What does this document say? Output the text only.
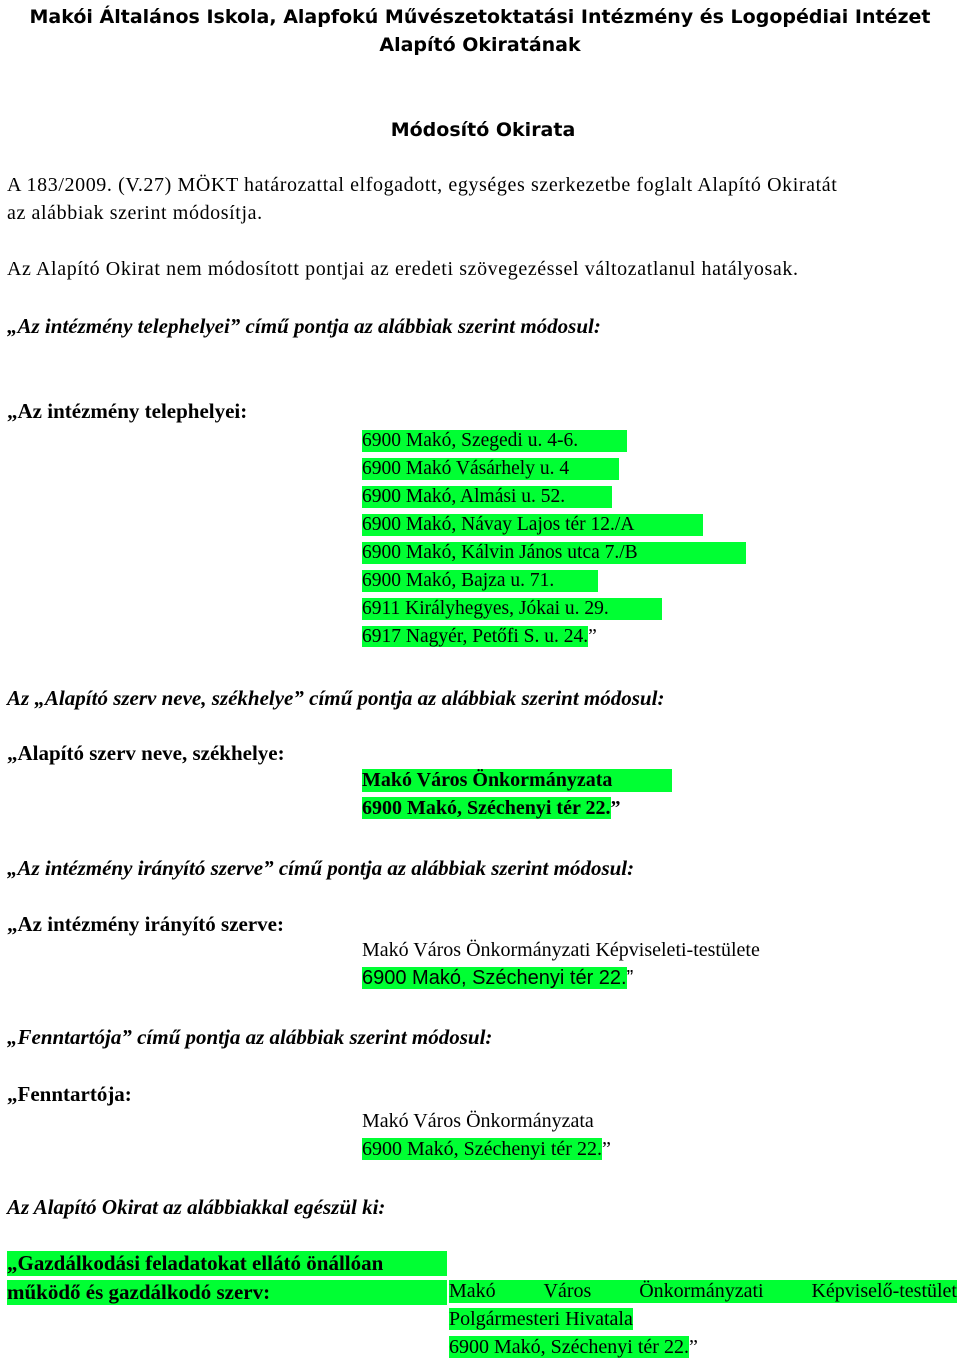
Makói Általános Iskola, Alapfokú Művészetoktatási Intézmény és Logopédiai Intézet
Alapító Okiratának
Módosító Okirata
A 183/2009. (V.27) MÖKT határozattal elfogadott, egységes szerkezetbe foglalt Alapító Okiratát
az alábbiak szerint módosítja.
Az Alapító Okirat nem módosított pontjai az eredeti szövegezéssel változatlanul hatályosak.
„Az intézmény telephelyei” című pontja az alábbiak szerint módosul:
„Az intézmény telephelyei:
6900 Makó, Szegedi u. 4-6.
6900 Makó Vásárhely u. 4
6900 Makó, Almási u. 52.
6900 Makó, Návay Lajos tér 12./A
6900 Makó, Kálvin János utca 7./B
6900 Makó, Bajza u. 71.
6911 Királyhegyes, Jókai u. 29.
6917 Nagyér, Petőfi S. u. 24.”
Az „Alapító szerv neve, székhelye” című pontja az alábbiak szerint módosul:
„Alapító szerv neve, székhelye:
Makó Város Önkormányzata
6900 Makó, Széchenyi tér 22.”
„Az intézmény irányító szerve” című pontja az alábbiak szerint módosul:
„Az intézmény irányító szerve:
Makó Város Önkormányzati Képviseleti-testülete
6900 Makó, Széchenyi tér 22.”
„Fenntartója” című pontja az alábbiak szerint módosul:
„Fenntartója:
Makó Város Önkormányzata
6900 Makó, Széchenyi tér 22.”
Az Alapító Okirat az alábbiakkal egészül ki:
„Gazdálkodási feladatokat ellátó önállóan
működő és gazdálkodó szerv:	Makó Város Önkormányzati Képviselő-testület
Polgármesteri Hivatala
6900 Makó, Széchenyi tér 22.”
